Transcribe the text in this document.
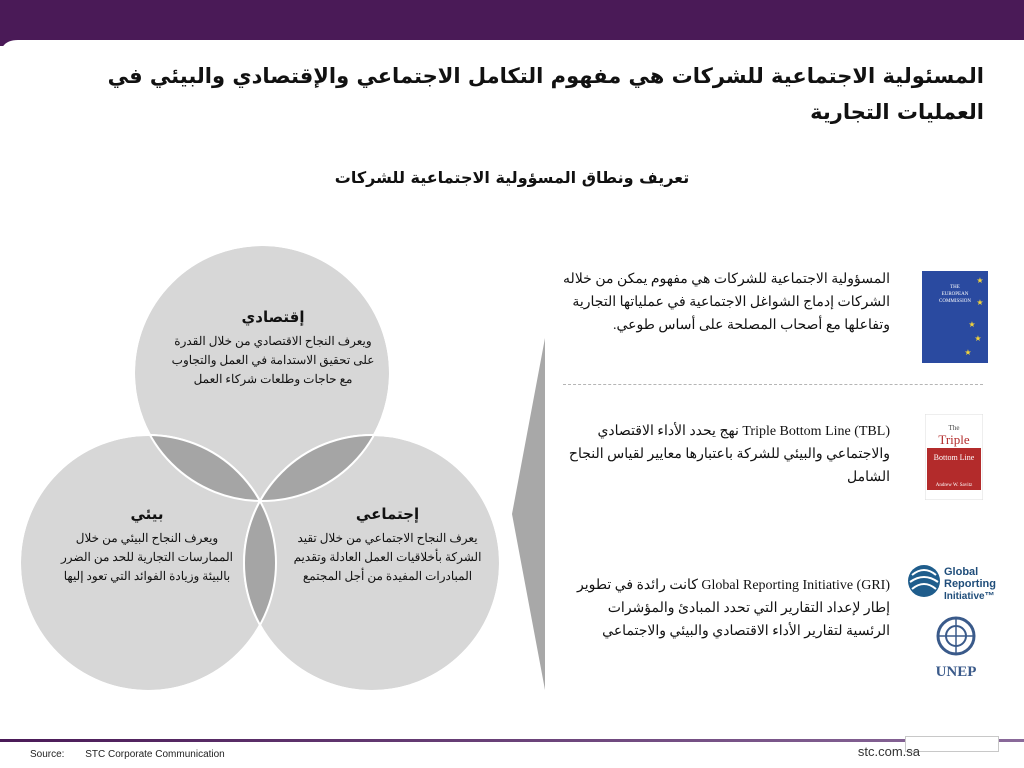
المسئولية الاجتماعية للشركات هي مفهوم التكامل الاجتماعي والإقتصادي والبيئي في العمليات التجارية
تعريف ونطاق المسؤولية الاجتماعية للشركات
إقتصادي
ويعرف النجاح الاقتصادي من خلال القدرة على تحقيق الاستدامة في العمل والتجاوب مع حاجات وطلعات شركاء العمل
بيئي
ويعرف النجاح البيئي من خلال الممارسات التجارية للحد من الضرر بالبيئة وزيادة الفوائد التي تعود إليها
إجتماعي
يعرف النجاح الاجتماعي من خلال تقيد الشركة بأخلاقيات العمل العادلة وتقديم المبادرات المفيدة من أجل المجتمع
المسؤولية الاجتماعية للشركات هي مفهوم يمكن من خلاله الشركات إدماج الشواغل الاجتماعية في عملياتها التجارية وتفاعلها مع أصحاب المصلحة على أساس طوعي.
(Triple Bottom Line (TBL نهج يحدد الأداء الاقتصادي والاجتماعي والبيئي للشركة باعتبارها معايير لقياس النجاح الشامل
(Global Reporting Initiative (GRI كانت رائدة في تطوير إطار لإعداد التقارير التي تحدد المبادئ والمؤشرات الرئسية لتقارير الأداء الاقتصادي والبيئي والاجتماعي
THE
EUROPEAN
COMMISSION
★
★
★
★
★
The
Triple
Bottom Line
Andrew W. Savitz
Global
Reporting
Initiative™
UNEP
Source: STC Corporate Communication	stc.com.sa
